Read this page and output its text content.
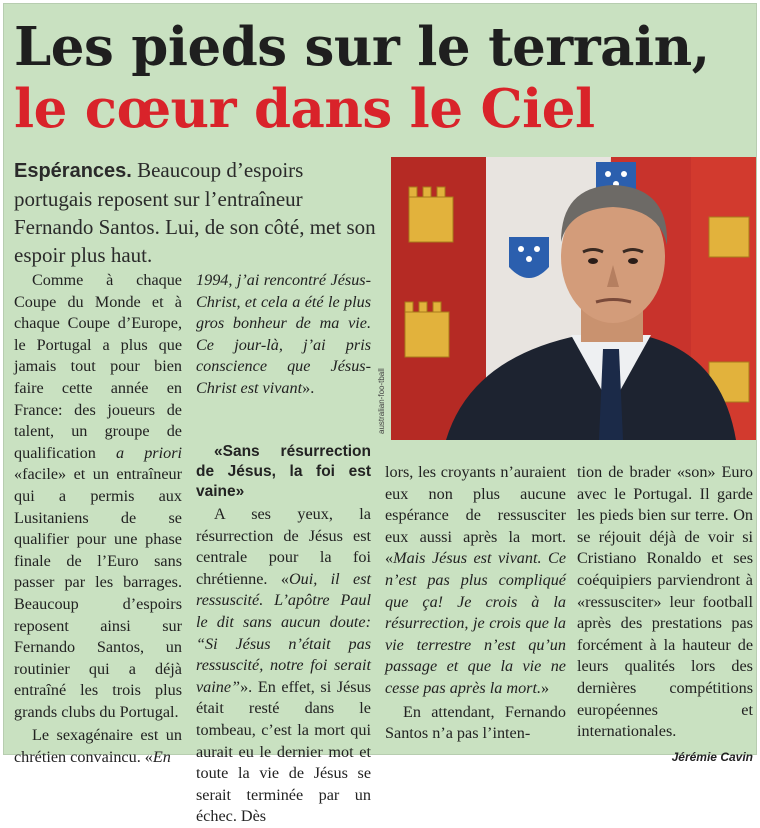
Les pieds sur le terrain,
le cœur dans le Ciel
Espérances. Beaucoup d’espoirs portugais reposent sur l’entraîneur Fernando Santos. Lui, de son côté, met son espoir plus haut.
australian-foo-tball

Comme à chaque Coupe du Monde et à chaque Coupe d’Europe, le Portugal a plus que jamais tout pour bien faire cette année en France: des joueurs de talent, un groupe de qualification a priori «facile» et un entraîneur qui a permis aux Lusitaniens de se qualifier pour une phase finale de l’Euro sans passer par les barrages. Beaucoup d’espoirs reposent ainsi sur Fernando Santos, un routinier qui a déjà entraîné les trois plus grands clubs du Portugal.

Le sexagénaire est un chrétien convaincu. «En

1994, j’ai rencontré Jésus-Christ, et cela a été le plus gros bonheur de ma vie. Ce jour-là, j’ai pris conscience que Jésus-Christ est vivant».

«Sans résurrection de Jésus, la foi est vaine»

A ses yeux, la résurrection de Jésus est centrale pour la foi chrétienne. «Oui, il est ressuscité. L’apôtre Paul le dit sans aucun doute: “Si Jésus n’était pas ressuscité, notre foi serait vaine”». En effet, si Jésus était resté dans le tombeau, c’est la mort qui aurait eu le dernier mot et toute la vie de Jésus se serait terminée par un échec. Dès

lors, les croyants n’auraient eux non plus aucune espérance de ressusciter eux aussi après la mort. «Mais Jésus est vivant. Ce n’est pas plus compliqué que ça! Je crois à la résurrection, je crois que la vie terrestre n’est qu’un passage et que la vie ne cesse pas après la mort.»

En attendant, Fernando Santos n’a pas l’inten-

tion de brader «son» Euro avec le Portugal. Il garde les pieds bien sur terre. On se réjouit déjà de voir si Cristiano Ronaldo et ses coéquipiers parviendront à «ressusciter» leur football après des prestations pas forcément à la hauteur de leurs qualités lors des dernières compétitions européennes et internationales.
Jérémie Cavin
